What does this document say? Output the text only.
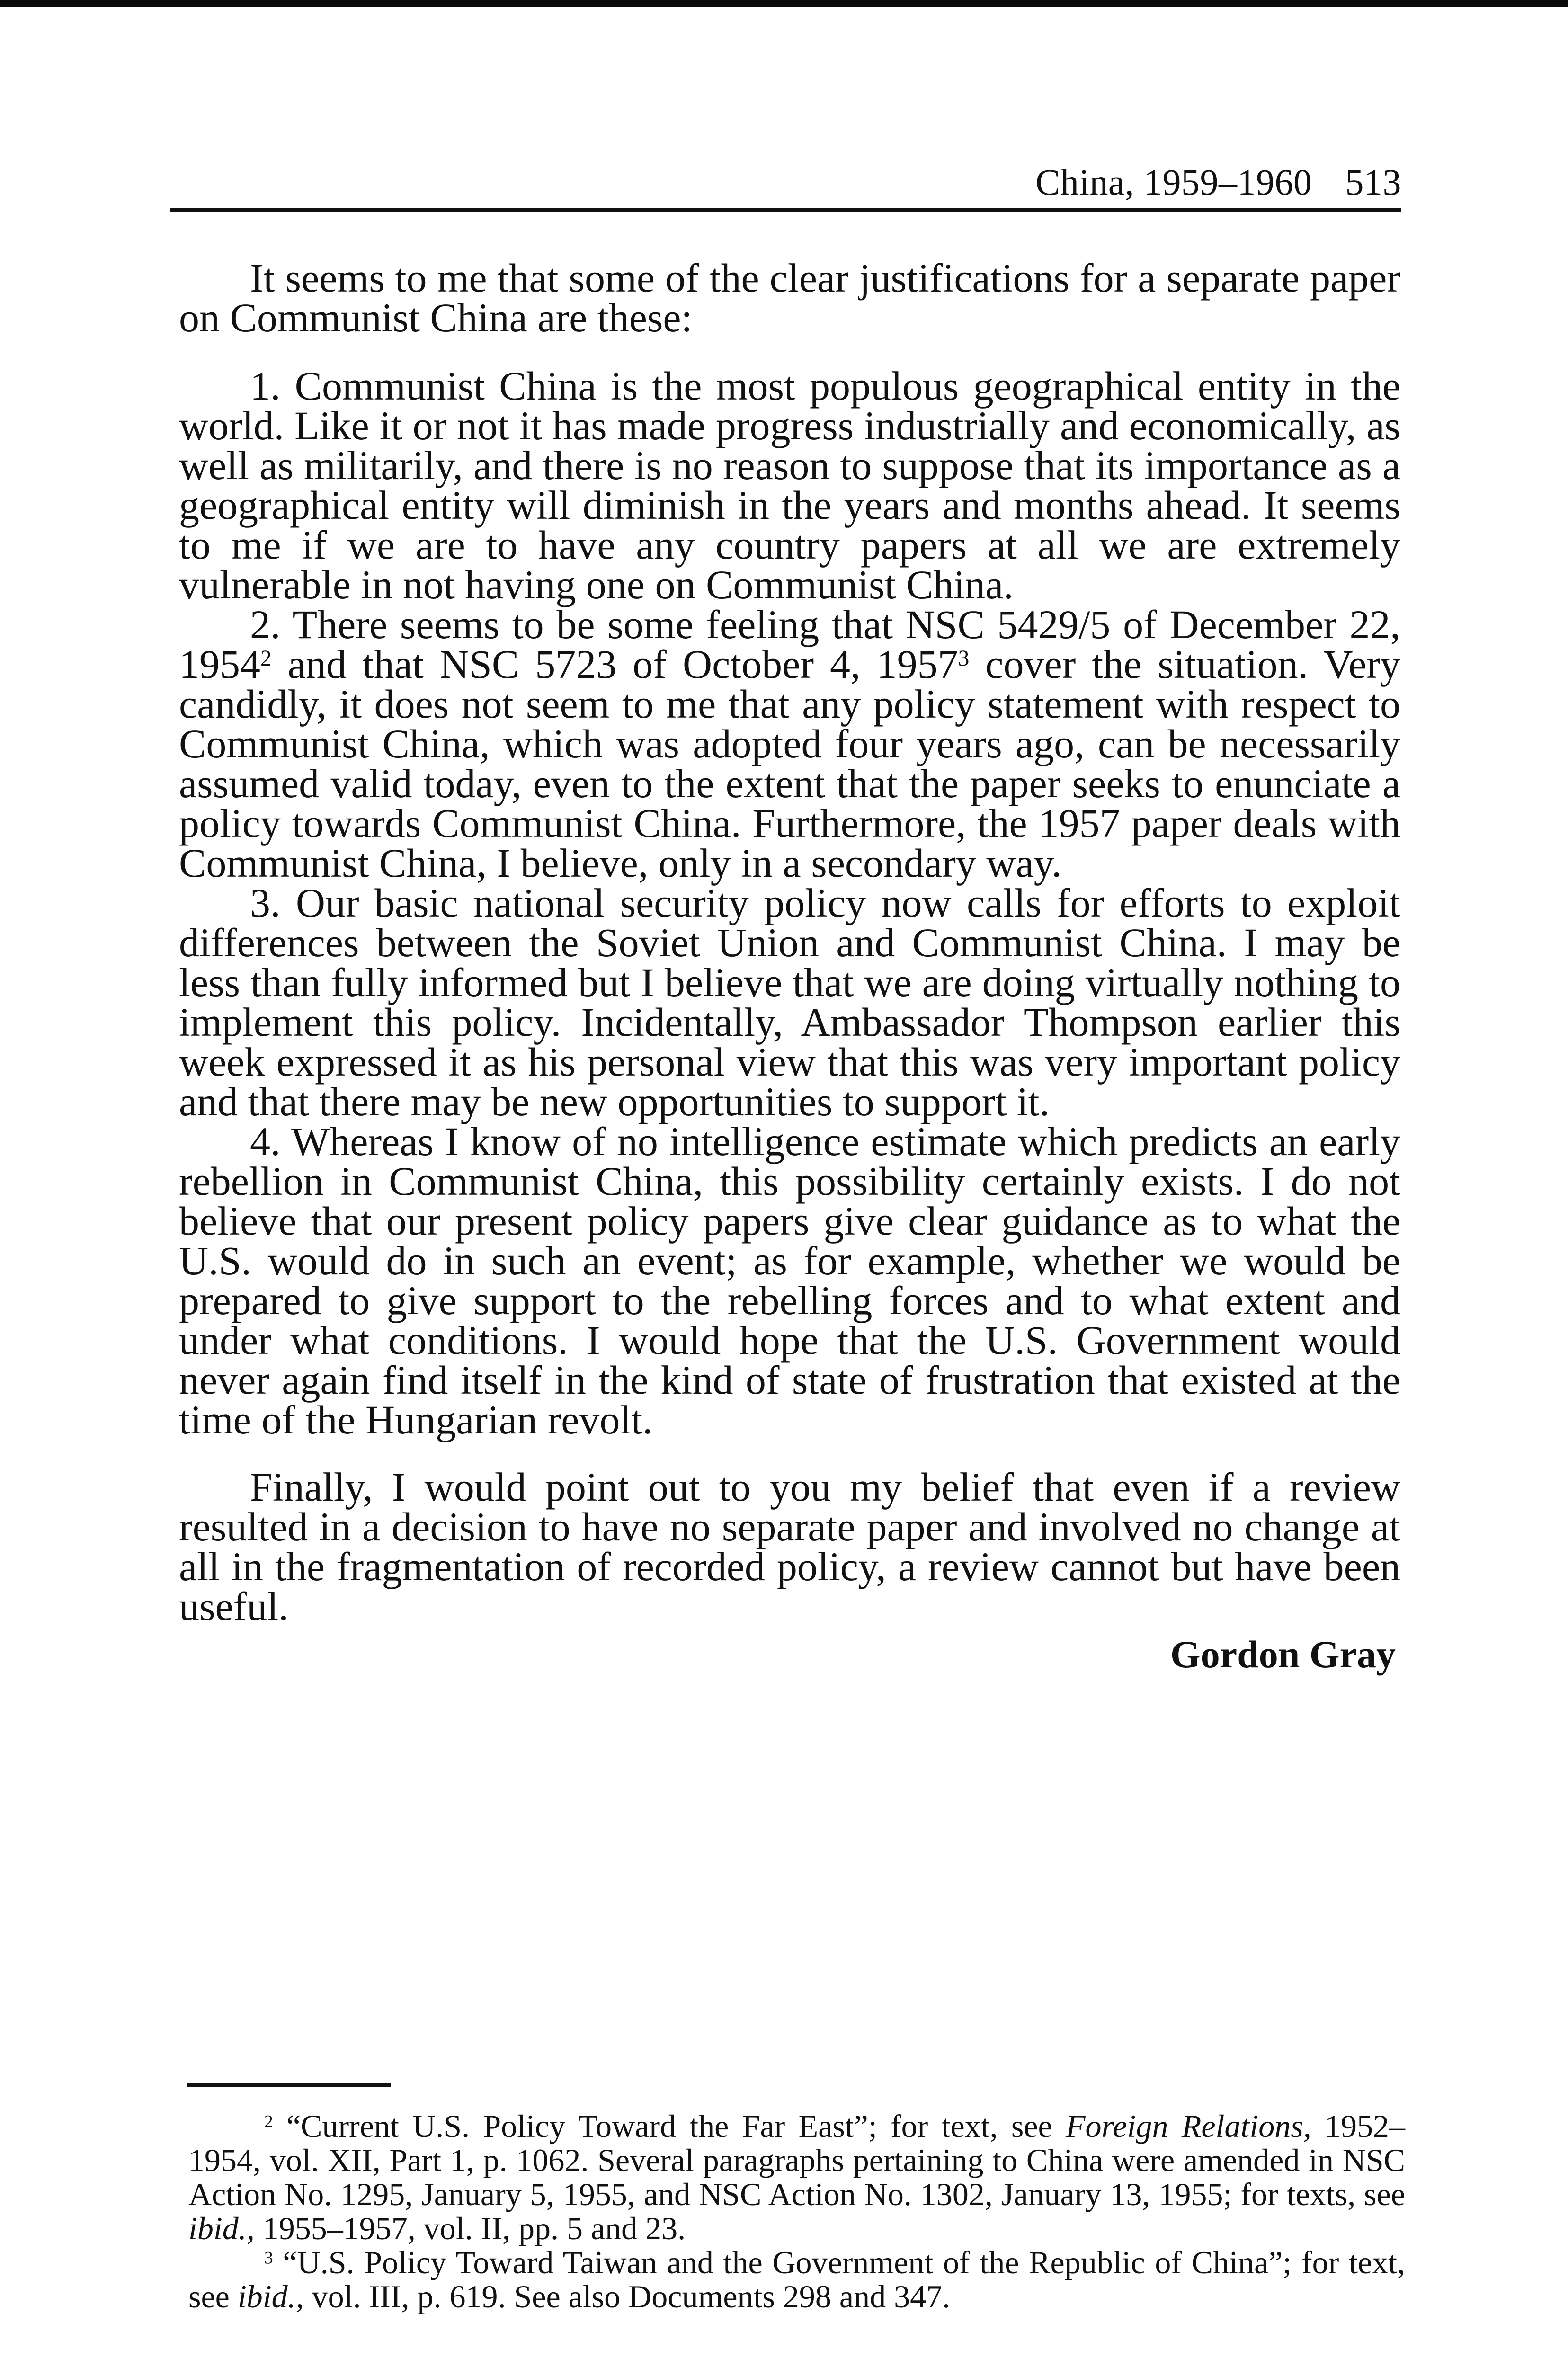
China, 1959–1960 513

It seems to me that some of the clear justifications for a separate paper on Communist China are these:

1. Communist China is the most populous geographical entity in the world. Like it or not it has made progress industrially and economically, as well as militarily, and there is no reason to suppose that its importance as a geographical entity will diminish in the years and months ahead. It seems to me if we are to have any country papers at all we are extremely vulnerable in not having one on Communist China.

2. There seems to be some feeling that NSC 5429/5 of December 22, 1954$^2$ and that NSC 5723 of October 4, 1957$^3$ cover the situation. Very candidly, it does not seem to me that any policy statement with respect to Communist China, which was adopted four years ago, can be necessarily assumed valid today, even to the extent that the paper seeks to enunciate a policy towards Communist China. Furthermore, the 1957 paper deals with Communist China, I believe, only in a secondary way.

3. Our basic national security policy now calls for efforts to exploit differences between the Soviet Union and Communist China. I may be less than fully informed but I believe that we are doing virtually nothing to implement this policy. Incidentally, Ambassador Thompson earlier this week expressed it as his personal view that this was very important policy and that there may be new opportunities to support it.

4. Whereas I know of no intelligence estimate which predicts an early rebellion in Communist China, this possibility certainly exists. I do not believe that our present policy papers give clear guidance as to what the U.S. would do in such an event; as for example, whether we would be prepared to give support to the rebelling forces and to what extent and under what conditions. I would hope that the U.S. Government would never again find itself in the kind of state of frustration that existed at the time of the Hungarian revolt.

Finally, I would point out to you my belief that even if a review resulted in a decision to have no separate paper and involved no change at all in the fragmentation of recorded policy, a review cannot but have been useful.

Gordon Gray

$^2$ “Current U.S. Policy Toward the Far East”; for text, see Foreign Relations, 1952–1954, vol. XII, Part 1, p. 1062. Several paragraphs pertaining to China were amended in NSC Action No. 1295, January 5, 1955, and NSC Action No. 1302, January 13, 1955; for texts, see ibid., 1955–1957, vol. II, pp. 5 and 23.

$^3$ “U.S. Policy Toward Taiwan and the Government of the Republic of China”; for text, see ibid., vol. III, p. 619. See also Documents 298 and 347.
